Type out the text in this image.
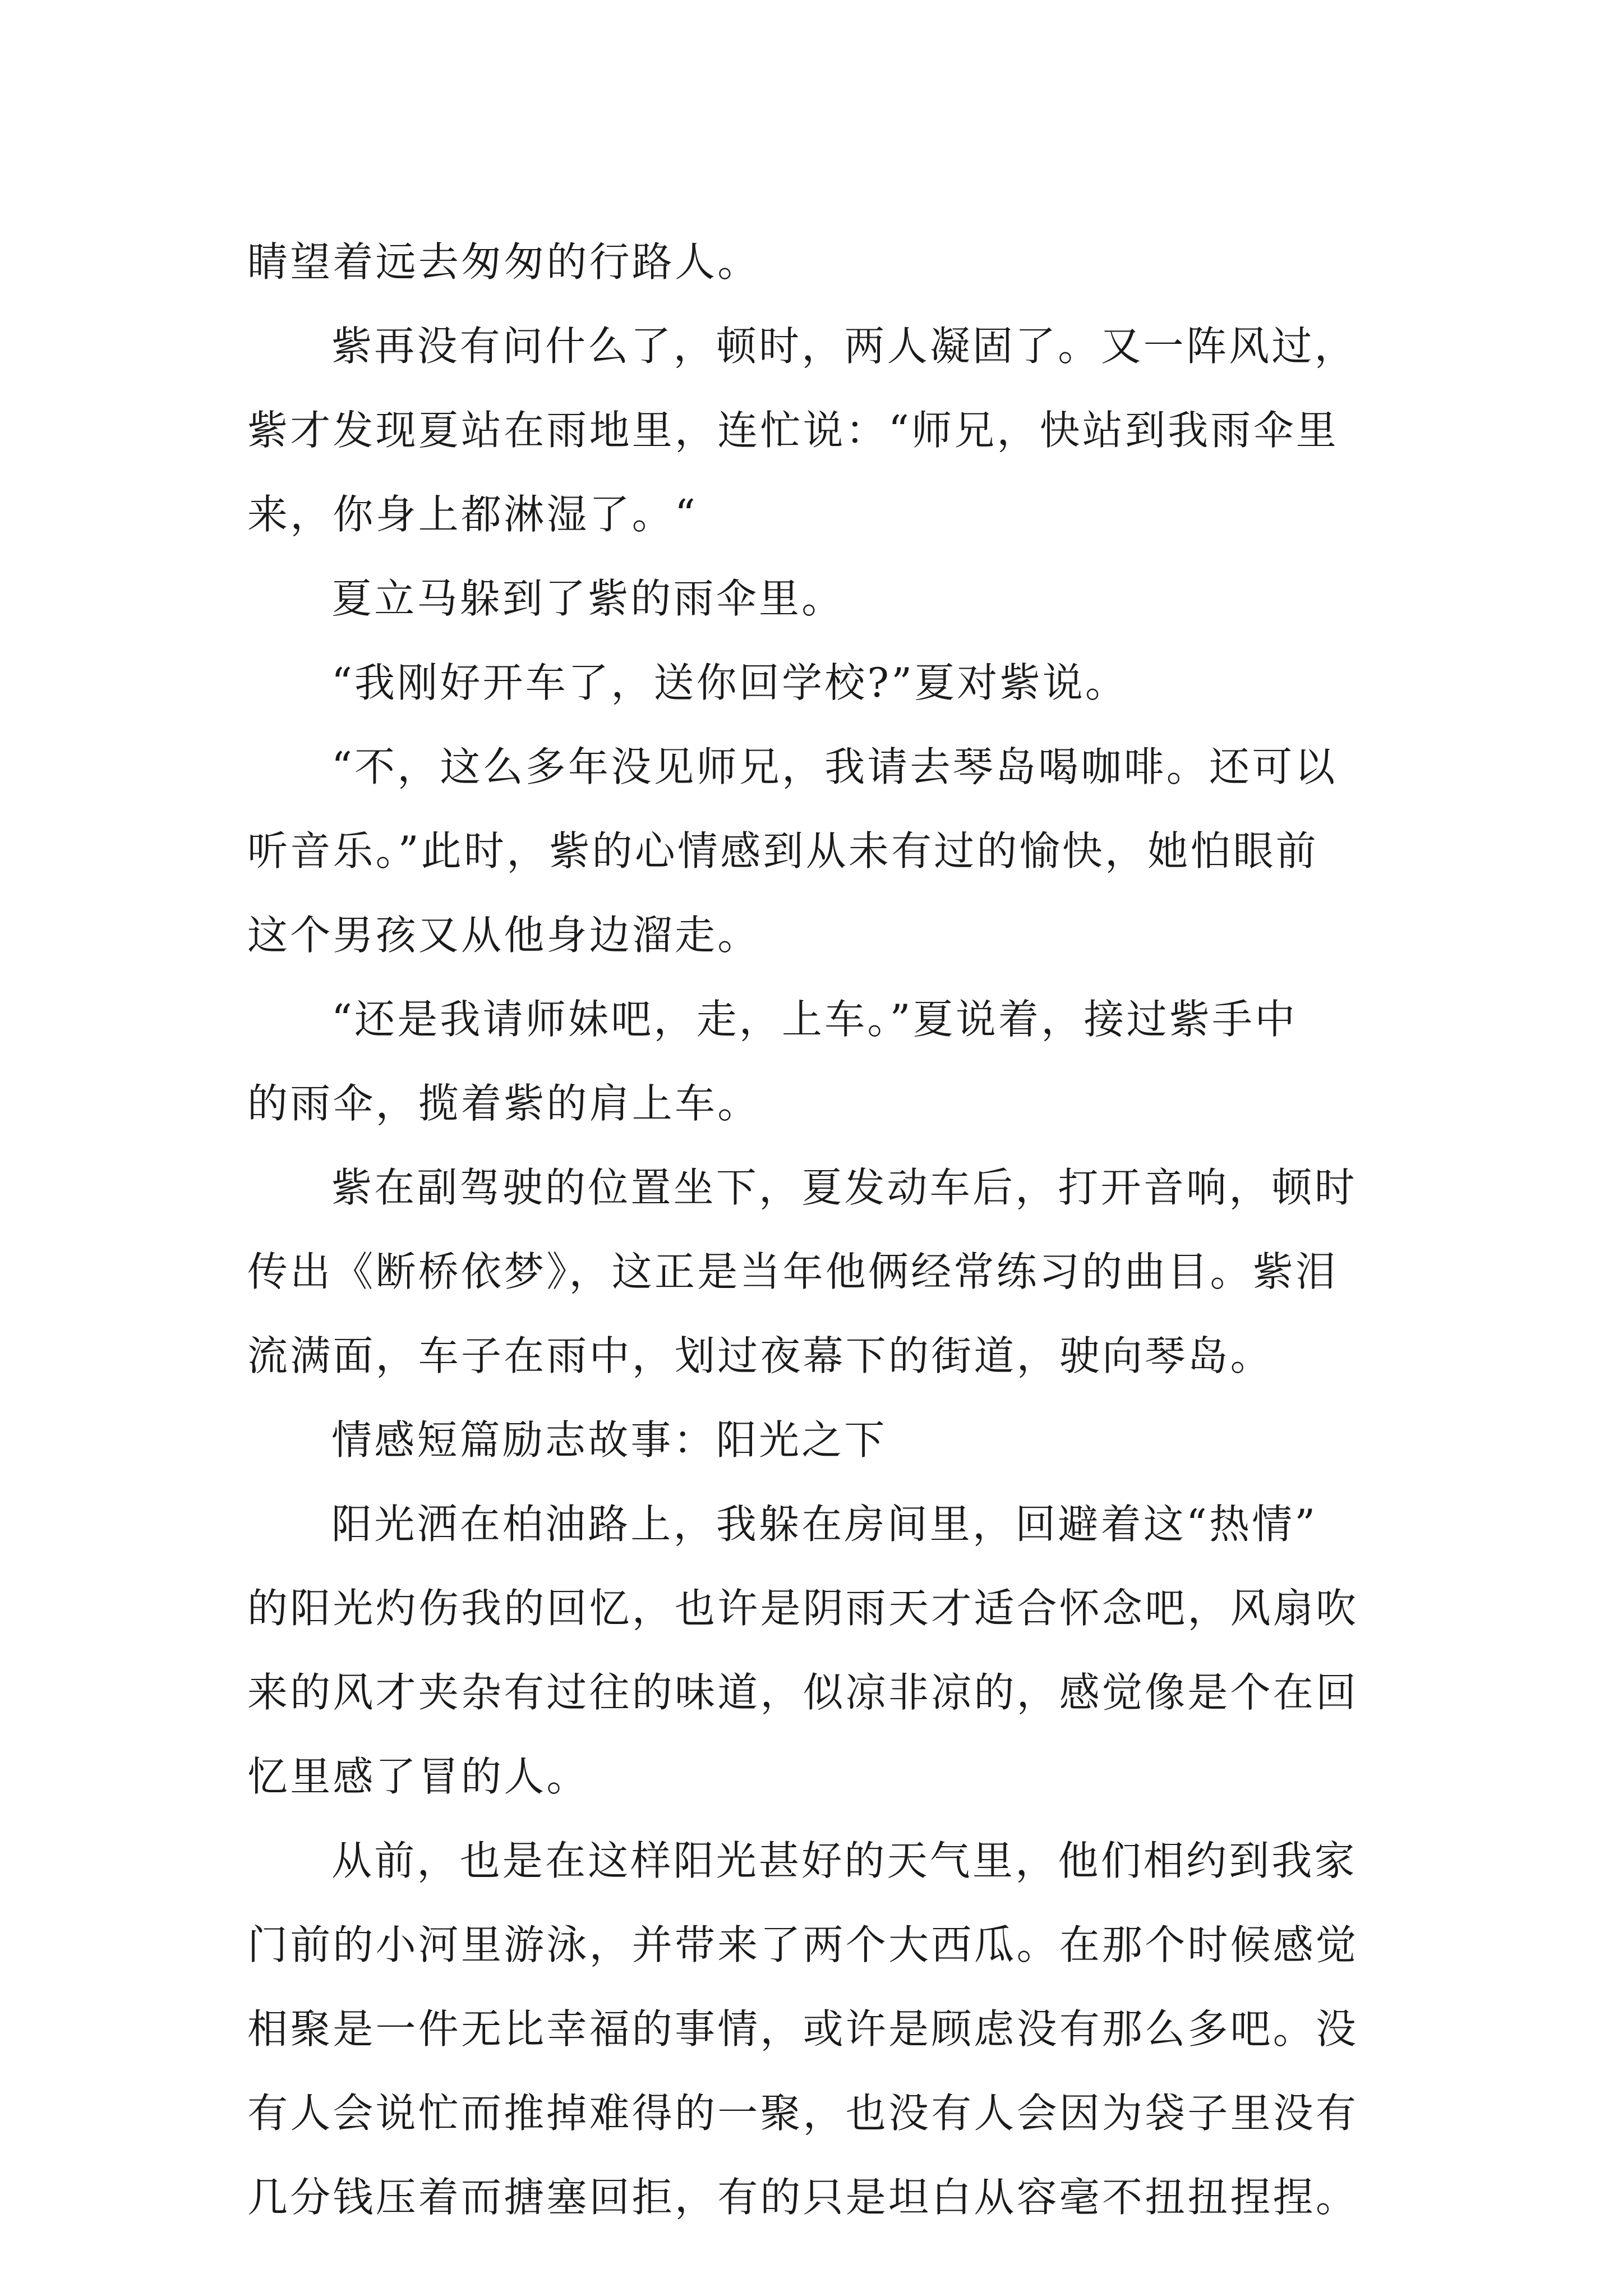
睛望着远去匆匆的行路人。
紫再没有问什么了，顿时，两人凝固了。又一阵风过，
紫才发现夏站在雨地里，连忙说：“师兄，快站到我雨伞里
来，你身上都淋湿了。“
夏立马躲到了紫的雨伞里。
“我刚好开车了，送你回学校?”夏对紫说。
“不，这么多年没见师兄，我请去琴岛喝咖啡。还可以
听音乐。”此时，紫的心情感到从未有过的愉快，她怕眼前
这个男孩又从他身边溜走。
“还是我请师妹吧，走，上车。”夏说着，接过紫手中
的雨伞，揽着紫的肩上车。
紫在副驾驶的位置坐下，夏发动车后，打开音响，顿时
传出《断桥依梦》，这正是当年他俩经常练习的曲目。紫泪
流满面，车子在雨中，划过夜幕下的街道，驶向琴岛。
情感短篇励志故事：阳光之下
阳光洒在柏油路上，我躲在房间里，回避着这“热情”
的阳光灼伤我的回忆，也许是阴雨天才适合怀念吧，风扇吹
来的风才夹杂有过往的味道，似凉非凉的，感觉像是个在回
忆里感了冒的人。
从前，也是在这样阳光甚好的天气里，他们相约到我家
门前的小河里游泳，并带来了两个大西瓜。在那个时候感觉
相聚是一件无比幸福的事情，或许是顾虑没有那么多吧。没
有人会说忙而推掉难得的一聚，也没有人会因为袋子里没有
几分钱压着而搪塞回拒，有的只是坦白从容毫不扭扭捏捏。
